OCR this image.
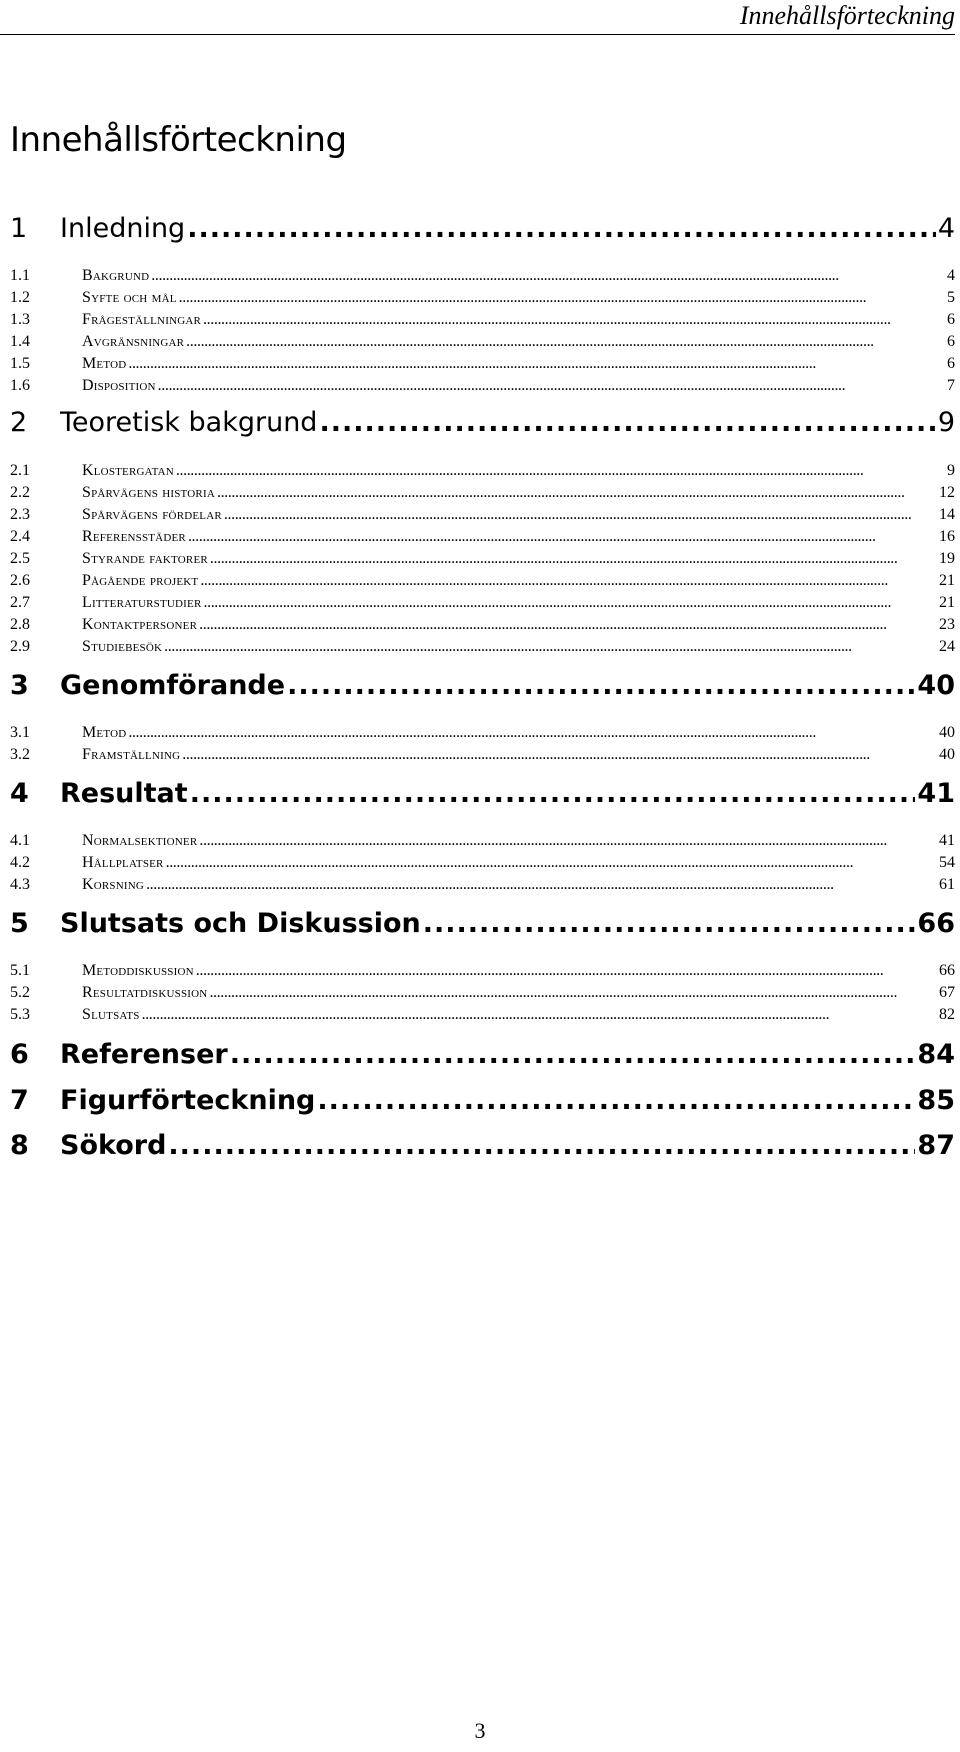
Innehållsförteckning
Innehållsförteckning
1	Inledning . . .	4
1.1	Bakgrund . . .	4
1.2	Syfte och mål . . .	5
1.3	Frågeställningar . . .	6
1.4	Avgränsningar . . .	6
1.5	Metod . . .	6
1.6	Disposition . . .	7
2	Teoretisk bakgrund . . .	9
2.1	Klostergatan . . .	9
2.2	Spårvägens historia . . .	12
2.3	Spårvägens fördelar . . .	14
2.4	Referensstäder . . .	16
2.5	Styrande faktorer . . .	19
2.6	Pågående projekt . . .	21
2.7	Litteraturstudier . . .	21
2.8	Kontaktpersoner . . .	23
2.9	Studiebesök . . .	24
3	Genomförande . . .	40
3.1	Metod . . .	40
3.2	Framställning . . .	40
4	Resultat . . .	41
4.1	Normalsektioner . . .	41
4.2	Hållplatser . . .	54
4.3	Korsning . . .	61
5	Slutsats och Diskussion . . .	66
5.1	Metoddiskussion . . .	66
5.2	Resultatdiskussion . . .	67
5.3	Slutsats . . .	82
6	Referenser . . .	84
7	Figurförteckning . . .	85
8	Sökord . . .	87
3
